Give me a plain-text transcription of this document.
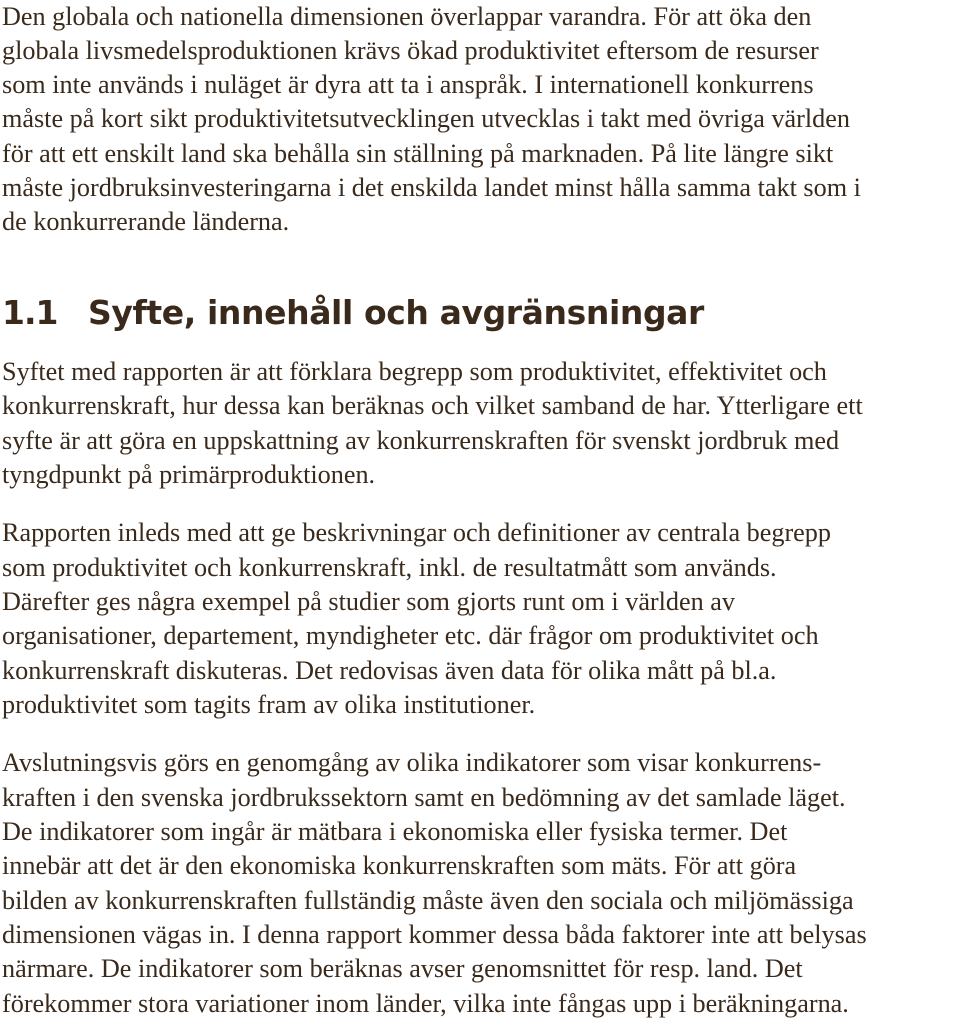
Den globala och nationella dimensionen överlappar varandra. För att öka den
globala livsmedelsproduktionen krävs ökad produktivitet eftersom de resurser
som inte används i nuläget är dyra att ta i anspråk. I internationell konkurrens
måste på kort sikt produktivitetsutvecklingen utvecklas i takt med övriga världen
för att ett enskilt land ska behålla sin ställning på marknaden. På lite längre sikt
måste jordbruksinvesteringarna i det enskilda landet minst hålla samma takt som i
de konkurrerande länderna.
1.1 Syfte, innehåll och avgränsningar
Syftet med rapporten är att förklara begrepp som produktivitet, effektivitet och
konkurrenskraft, hur dessa kan beräknas och vilket samband de har. Ytterligare ett
syfte är att göra en uppskattning av konkurrenskraften för svenskt jordbruk med
tyngdpunkt på primärproduktionen.
Rapporten inleds med att ge beskrivningar och definitioner av centrala begrepp
som produktivitet och konkurrenskraft, inkl. de resultatmått som används.
Därefter ges några exempel på studier som gjorts runt om i världen av
organisationer, departement, myndigheter etc. där frågor om produktivitet och
konkurrenskraft diskuteras. Det redovisas även data för olika mått på bl.a.
produktivitet som tagits fram av olika institutioner.
Avslutningsvis görs en genomgång av olika indikatorer som visar konkurrens-
kraften i den svenska jordbrukssektorn samt en bedömning av det samlade läget.
De indikatorer som ingår är mätbara i ekonomiska eller fysiska termer. Det
innebär att det är den ekonomiska konkurrenskraften som mäts. För att göra
bilden av konkurrenskraften fullständig måste även den sociala och miljömässiga
dimensionen vägas in. I denna rapport kommer dessa båda faktorer inte att belysas
närmare. De indikatorer som beräknas avser genomsnittet för resp. land. Det
förekommer stora variationer inom länder, vilka inte fångas upp i beräkningarna.
